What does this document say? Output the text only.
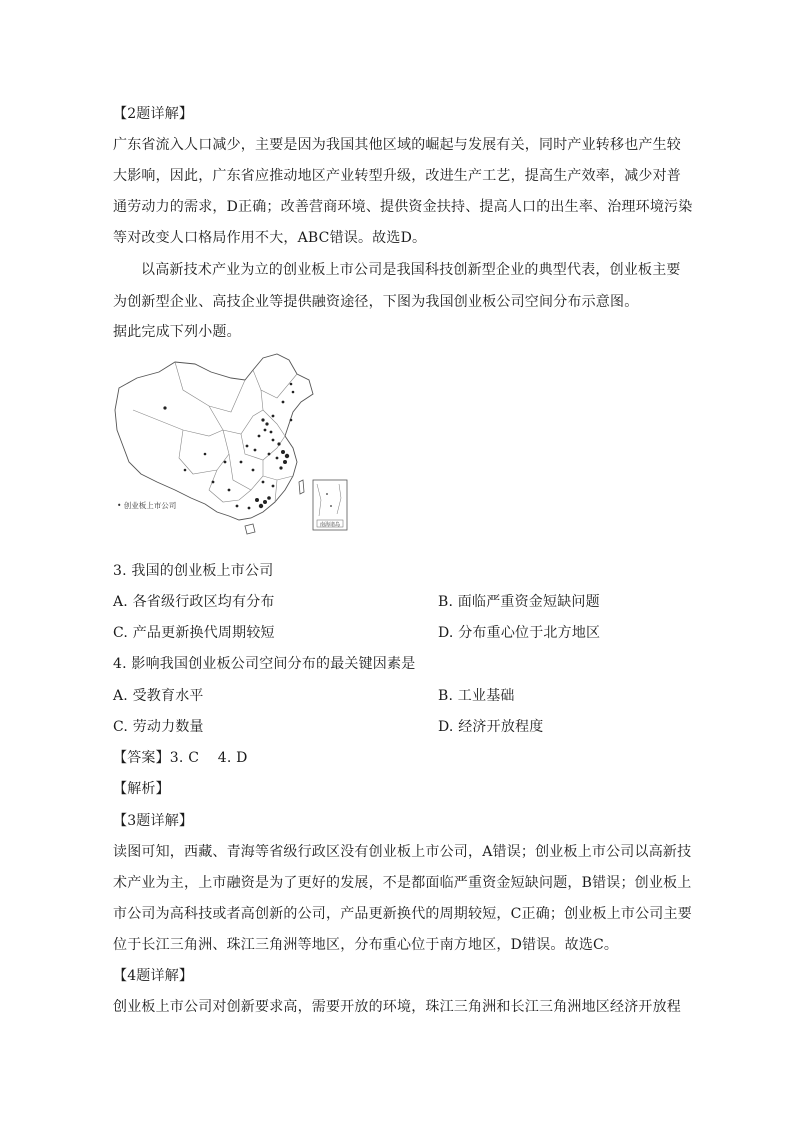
【2题详解】
广东省流入人口减少，主要是因为我国其他区域的崛起与发展有关，同时产业转移也产生较
大影响，因此，广东省应推动地区产业转型升级，改进生产工艺，提高生产效率，减少对普
通劳动力的需求，D正确；改善营商环境、提供资金扶持、提高人口的出生率、治理环境污染
等对改变人口格局作用不大，ABC错误。故选D。
以高新技术产业为立的创业板上市公司是我国科技创新型企业的典型代表，创业板主要
为创新型企业、高技企业等提供融资途径，下图为我国创业板公司空间分布示意图。
据此完成下列小题。
南海诸岛
• 创业板上市公司
3. 我国的创业板上市公司
A. 各省级行政区均有分布	B. 面临严重资金短缺问题
C. 产品更新换代周期较短	D. 分布重心位于北方地区
4. 影响我国创业板公司空间分布的最关键因素是
A. 受教育水平	B. 工业基础
C. 劳动力数量	D. 经济开放程度
【答案】3. C    4. D
【解析】
【3题详解】
读图可知，西藏、青海等省级行政区没有创业板上市公司，A错误；创业板上市公司以高新技
术产业为主，上市融资是为了更好的发展，不是都面临严重资金短缺问题，B错误；创业板上
市公司为高科技或者高创新的公司，产品更新换代的周期较短，C正确；创业板上市公司主要
位于长江三角洲、珠江三角洲等地区，分布重心位于南方地区，D错误。故选C。
【4题详解】
创业板上市公司对创新要求高，需要开放的环境，珠江三角洲和长江三角洲地区经济开放程
